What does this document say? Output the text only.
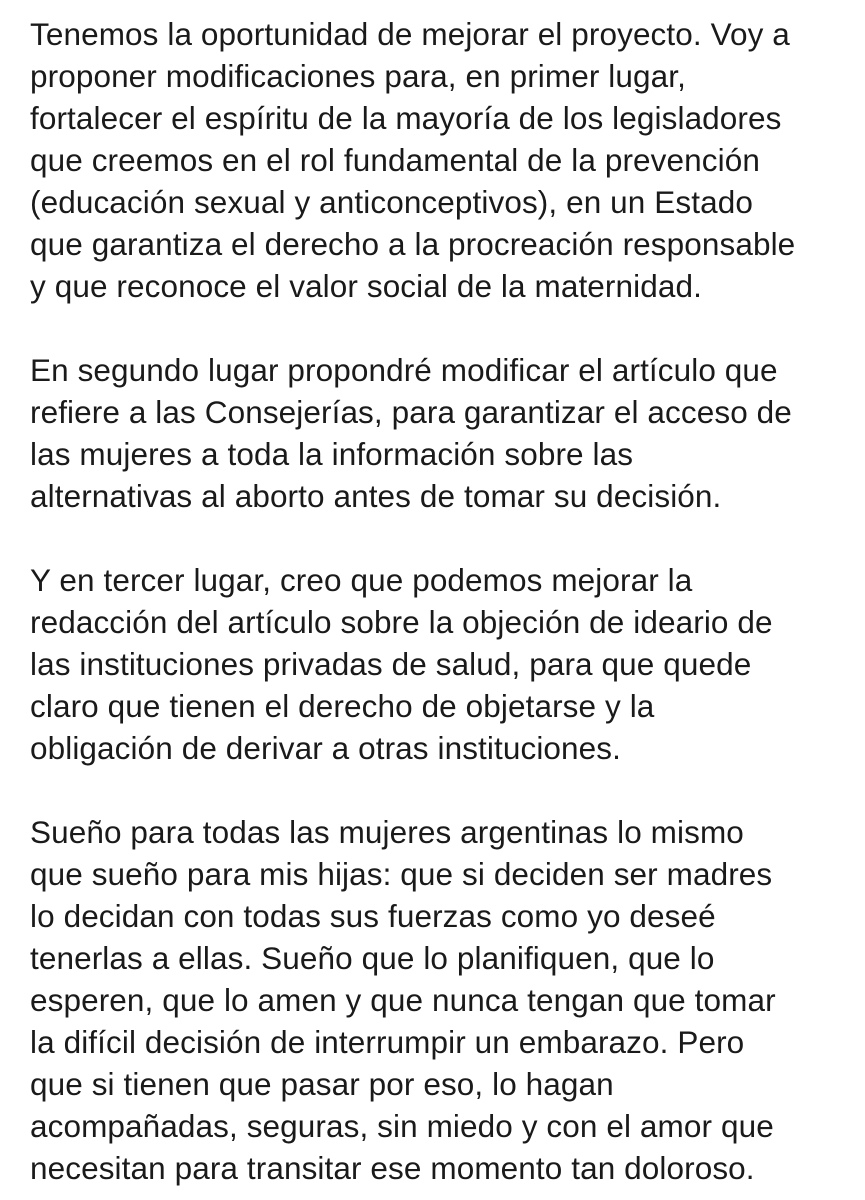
Tenemos la oportunidad de mejorar el proyecto. Voy a
proponer modificaciones para, en primer lugar,
fortalecer el espíritu de la mayoría de los legisladores
que creemos en el rol fundamental de la prevención
(educación sexual y anticonceptivos), en un Estado
que garantiza el derecho a la procreación responsable
y que reconoce el valor social de la maternidad.

En segundo lugar propondré modificar el artículo que
refiere a las Consejerías, para garantizar el acceso de
las mujeres a toda la información sobre las
alternativas al aborto antes de tomar su decisión.

Y en tercer lugar, creo que podemos mejorar la
redacción del artículo sobre la objeción de ideario de
las instituciones privadas de salud, para que quede
claro que tienen el derecho de objetarse y la
obligación de derivar a otras instituciones.

Sueño para todas las mujeres argentinas lo mismo
que sueño para mis hijas: que si deciden ser madres
lo decidan con todas sus fuerzas como yo deseé
tenerlas a ellas. Sueño que lo planifiquen, que lo
esperen, que lo amen y que nunca tengan que tomar
la difícil decisión de interrumpir un embarazo. Pero
que si tienen que pasar por eso, lo hagan
acompañadas, seguras, sin miedo y con el amor que
necesitan para transitar ese momento tan doloroso.
